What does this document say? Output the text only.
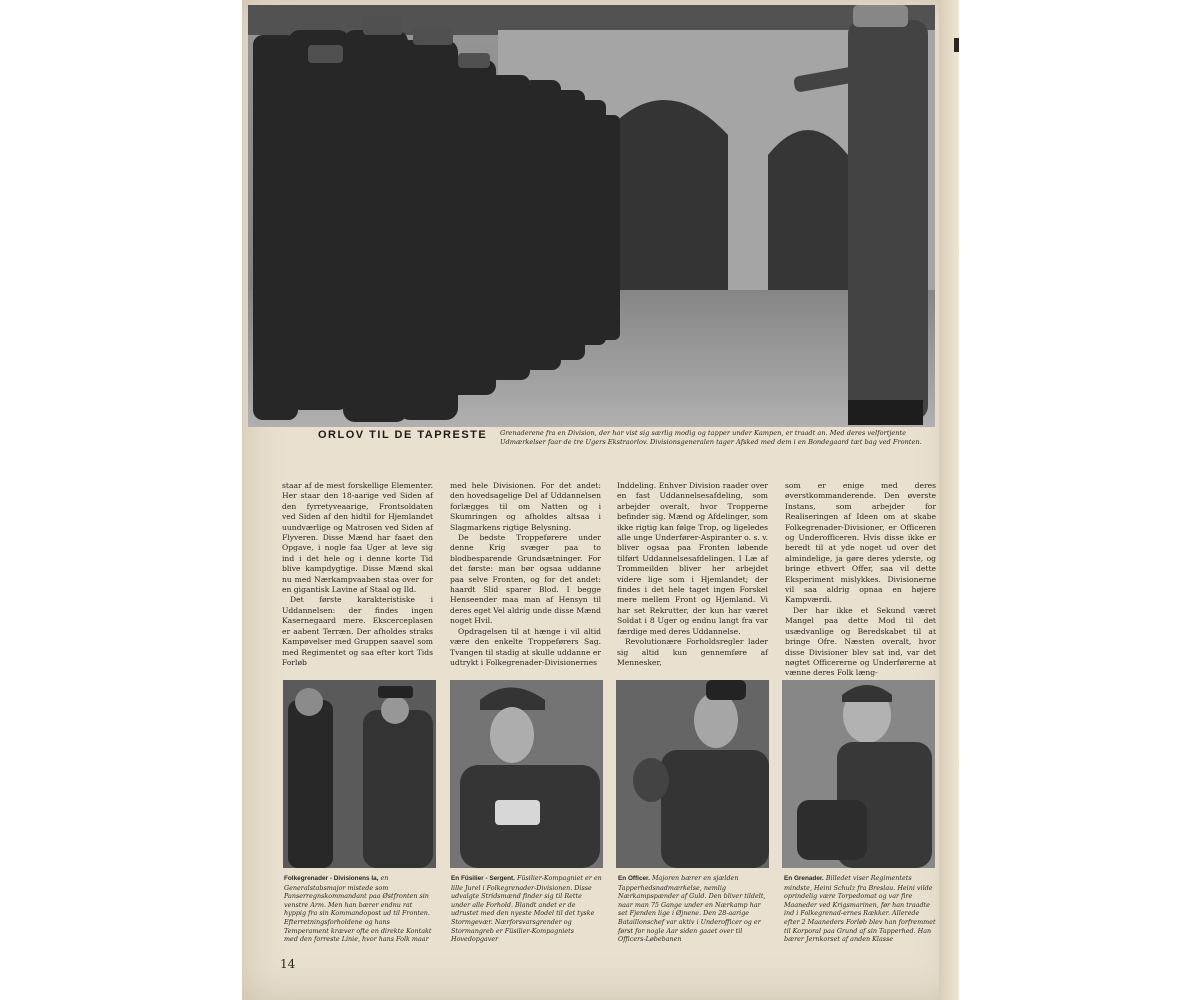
ORLOV TIL DE TAPRESTE Grenaderene fra en Division, der har vist sig særlig modig og tapper under Kampen, er traadt an. Med deres velfortjente Udmærkelser faar de tre Ugers Ekstraorlov. Divisionsgeneralen tager Afsked med dem i en Bondegaard tæt bag ved Fronten.

staar af de mest forskellige Elementer. Her staar den 18-aarige ved Siden af den fyrretyveaarige, Frontsoldaten ved Siden af den hidtil for Hjemlandet uundværlige og Matrosen ved Siden af Flyveren. Disse Mænd har faaet den Opgave, i nogle faa Uger at leve sig ind i det hele og i denne korte Tid blive kampdygtige. Disse Mænd skal nu med Nærkampvaaben staa over for en gigantisk Lavine af Staal og Ild.

Det første karakteristiske i Uddannelsen: der findes ingen Kasernegaard mere. Ekscerceplasen er aabent Terræn. Der afholdes straks Kampøvelser med Gruppen saavel som med Regimentet og saa efter kort Tids Forløb

med hele Divisionen. For det andet: den hovedsagelige Del af Uddannelsen forlægges til om Natten og i Skumringen og afholdes altsaa i Slagmarkens rigtige Belysning.

De bedste Troppeførere under denne Krig svæger paa to blodbesparende Grundsætninger. For det første: man bør ogsaa uddanne paa selve Fronten, og for det andet: haardt Slid sparer Blod. I begge Henseender maa man af Hensyn til deres eget Vel aldrig unde disse Mænd noget Hvil.

Opdragelsen til at hænge i vil altid være den enkelte Troppeførers Sag. Tvangen til stadig at skulle uddanne er udtrykt i Folkegrenader-Divisionernes

Inddeling. Enhver Division raader over en fast Uddannelsesafdeling, som arbejder overalt, hvor Tropperne befinder sig. Mænd og Afdelinger, som ikke rigtig kan følge Trop, og ligeledes alle unge Underfører-Aspiranter o. s. v. bliver ogsaa paa Fronten løbende tilført Uddannelsesafdelingen. I Læ af Trommeilden bliver her arbejdet videre lige som i Hjemlandet; der findes i det hele taget ingen Forskel mere mellem Front og Hjemland. Vi har set Rekrutter, der kun har været Soldat i 8 Uger og endnu langt fra var færdige med deres Uddannelse.

Revolutionære Forholdsregler lader sig altid kun gennemføre af Mennesker,

som er enige med deres øverstkommanderende. Den øverste Instans, som arbejder for Realiseringen af Ideen om at skabe Folkegrenader-Divisioner, er Officeren og Underofficeren. Hvis disse ikke er beredt til at yde noget ud over det almindelige, ja gøre deres yderste, og bringe ethvert Offer, saa vil dette Eksperiment mislykkes. Divisionerne vil saa aldrig opnaa en højere Kampværdi.

Der har ikke et Sekund været Mangel paa dette Mod til det usædvanlige og Beredskabet til at bringe Ofre. Næsten overalt, hvor disse Divisioner blev sat ind, var det nøgtet Officererne og Underførerne at vænne deres Folk læng-

Folkegrenader - Divisionens Ia, en Generalstabsmajor mistede som Panserregnskommandant paa Østfronten sin venstre Arm. Men han bærer endnu rat hyppig fra sin Kommandopost ud til Fronten. Efterretningsforholdene og hans Temperament kræver ofte en direkte Kontakt med den forreste Linie, hvor hans Folk maar
En Füsilier - Sergent. Füsilier-Kompagniet er en lille Jurel i Folkegrenader-Divisionen. Disse udvalgte Stridsmænd finder sig til Rette under alle Forhold. Blandt andet er de udrustet med den nyeste Model til det tyske Stormgevær. Nærforsvarsgrender og Stormangreb er Füsilier-Kompagniets Hovedopgaver
En Officer. Majoren bærer en sjælden Tapperhedsnadmærkelse, nemlig Nærkampspænder af Guld. Den bliver tildelt, naar man 75 Gange under en Nærkamp har set Fjenden lige i Øjnene. Den 28-aarige Bataillonschef var aktiv i Underofficer og er først for nogle Aar siden gaaet over til Officers-Løbebanen
En Grenader. Billedet viser Regimentets mindste, Heini Schulz fra Breslau. Heini vilde oprindelig være Torpedomat og var fire Maaneder ved Krigsmarinen, før han traadte ind i Folkegrenad-ernes Rækker. Allerede efter 2 Maaneders Forløb blev han forfremmet til Korporal paa Grund af sin Tapperhed. Han bærer Jernkorset af anden Klasse
14
